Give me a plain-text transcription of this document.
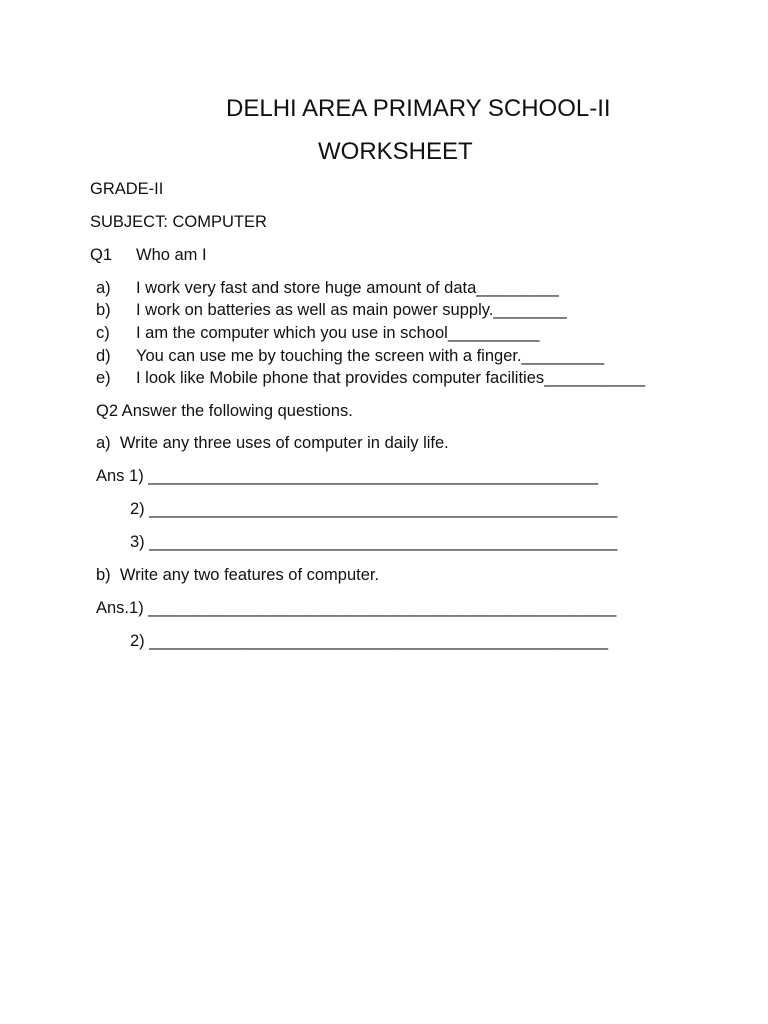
DELHI AREA PRIMARY SCHOOL-II
WORKSHEET
GRADE-II
SUBJECT: COMPUTER
Q1 Who am I
a) I work very fast and store huge amount of data_________
b) I work on batteries as well as main power supply.________
c) I am the computer which you use in school__________
d) You can use me by touching the screen with a finger._________
e) I look like Mobile phone that provides computer facilities___________
Q2 Answer the following questions.
a)  Write any three uses of computer in daily life.
Ans 1) _________________________________________________
2) ___________________________________________________
3) ___________________________________________________
b)  Write any two features of computer.
Ans.1) ___________________________________________________
2) __________________________________________________
